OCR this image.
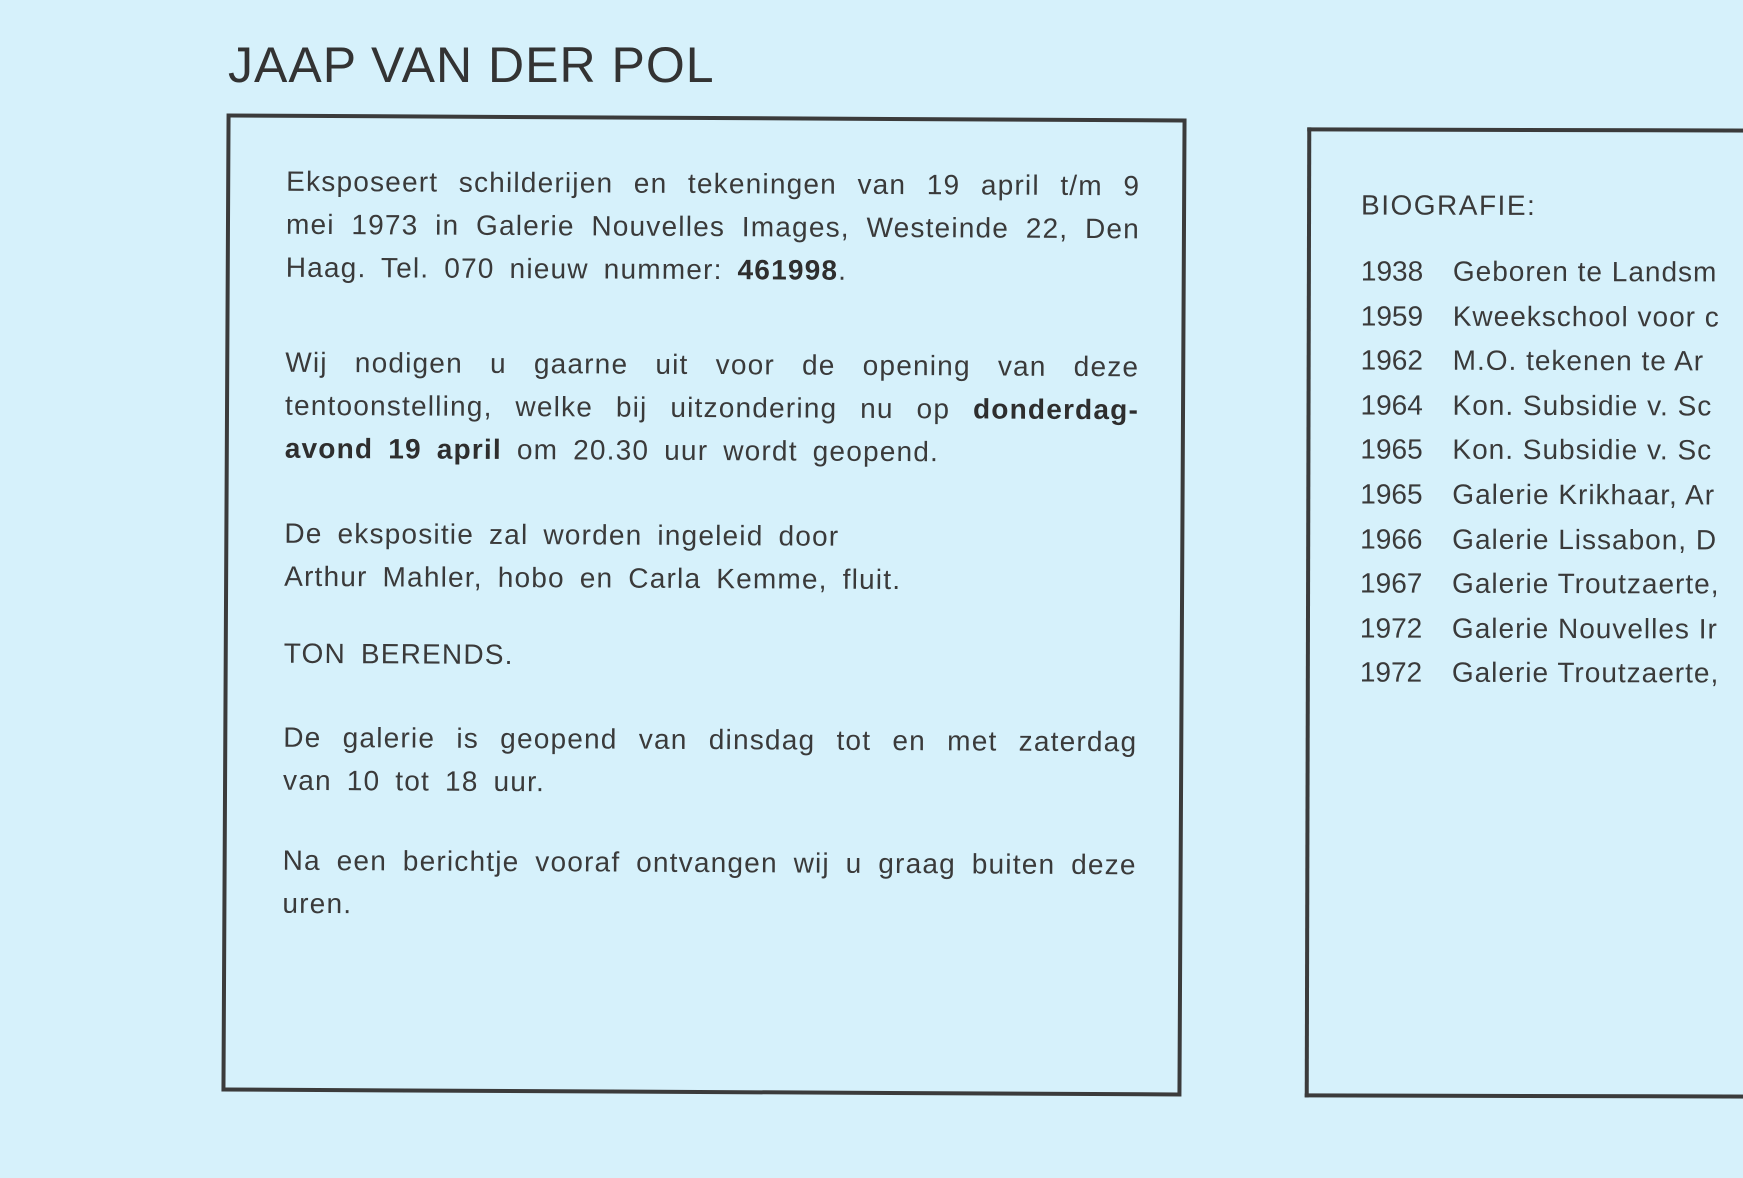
JAAP VAN DER POL

Eksposeert schilderijen en tekeningen van 19 april t/m 9 mei 1973 in Galerie Nouvelles Images, Westeinde 22, Den Haag. Tel. 070 nieuw nummer: 461998.

Wij nodigen u gaarne uit voor de opening van deze tentoonstelling, welke bij uitzondering nu op donderdag-avond 19 april om 20.30 uur wordt geopend.

De ekspositie zal worden ingeleid door
Arthur Mahler, hobo en Carla Kemme, fluit.

TON BERENDS.

De galerie is geopend van dinsdag tot en met zaterdag van 10 tot 18 uur.

Na een berichtje vooraf ontvangen wij u graag buiten deze uren.

BIOGRAFIE:
1938 Geboren te Landsm
1959 Kweekschool voor c
1962 M.O. tekenen te Ar
1964 Kon. Subsidie v. Sc
1965 Kon. Subsidie v. Sc
1965 Galerie Krikhaar, Ar
1966 Galerie Lissabon, D
1967 Galerie Troutzaerte,
1972 Galerie Nouvelles Ir
1972 Galerie Troutzaerte,
